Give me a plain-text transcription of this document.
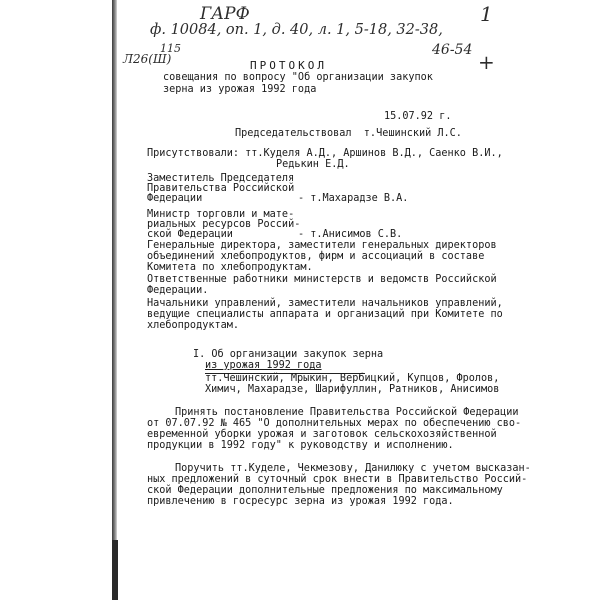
ГАРФ
ф. 10084, оп. 1, д. 40, л. 1, 5-18, 32-38,
115	46-54
Л26(Ш)
1
+
ПРОТОКОЛ
совещания по вопросу "Об организации закупок
зерна из урожая 1992 года
15.07.92 г.
Председательствовал  т.Чешинский Л.С.
Присутствовали: тт.Куделя А.Д., Аршинов В.Д., Саенко В.И.,
Редькин Е.Д.
Заместитель Председателя
Правительства Российской
Федерации	- т.Махарадзе В.А.
Министр торговли и мате-
риальных ресурсов Россий-
ской Федерации	- т.Анисимов С.В.
Генеральные директора, заместители генеральных директоров
объединений хлебопродуктов, фирм и ассоциаций в составе
Комитета по хлебопродуктам.
Ответственные работники министерств и ведомств Российской
Федерации.
Начальники управлений, заместители начальников управлений,
ведущие специалисты аппарата и организаций при Комитете по
хлебопродуктам.
I. Об организации закупок зерна
из урожая 1992 года
тт.Чешинский, Мрыкин, Вербицкий, Купцов, Фролов,
Химич, Махарадзе, Шарифуллин, Ратников, Анисимов
Принять постановление Правительства Российской Федерации
от 07.07.92 № 465 "О дополнительных мерах по обеспечению сво-
евременной уборки урожая и заготовок сельскохозяйственной
продукции в 1992 году" к руководству и исполнению.
Поручить тт.Куделе, Чекмезову, Данилюку с учетом высказан-
ных предложений в суточный срок внести в Правительство Россий-
ской Федерации дополнительные предложения по максимальному
привлечению в госресурс зерна из урожая 1992 года.
